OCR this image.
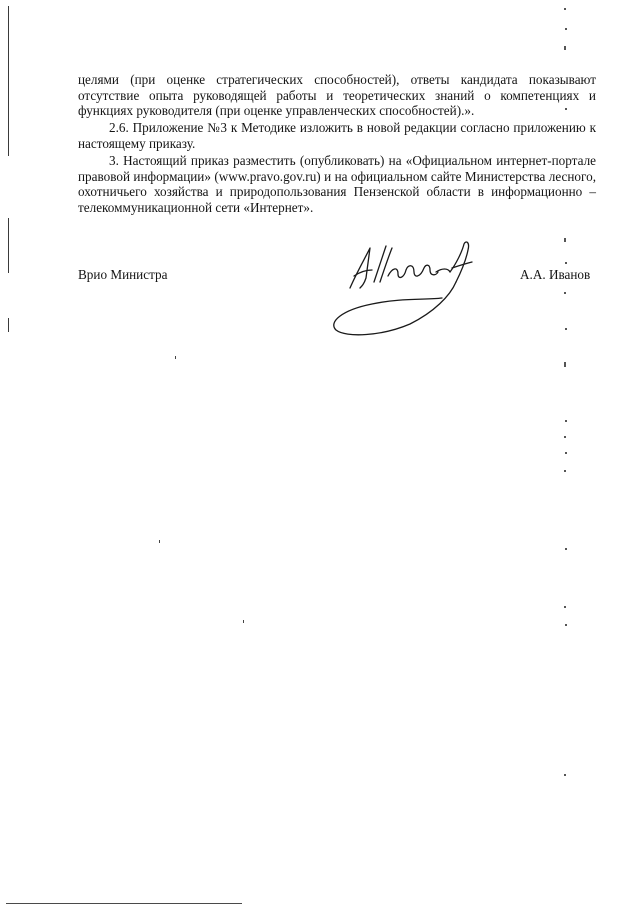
целями (при оценке стратегических способностей), ответы кандидата показывают отсутствие опыта руководящей работы и теоретических знаний о компетенциях и функциях руководителя (при оценке управленческих способностей).».

2.6. Приложение №3 к Методике изложить в новой редакции согласно приложению к настоящему приказу.

3. Настоящий приказ разместить (опубликовать) на «Официальном интернет-портале правовой информации» (www.pravo.gov.ru) и на официальном сайте Министерства лесного, охотничьего хозяйства и природопользования Пензенской области в информационно – телекоммуникационной сети «Интернет».

Врио Министра	А.А. Иванов
